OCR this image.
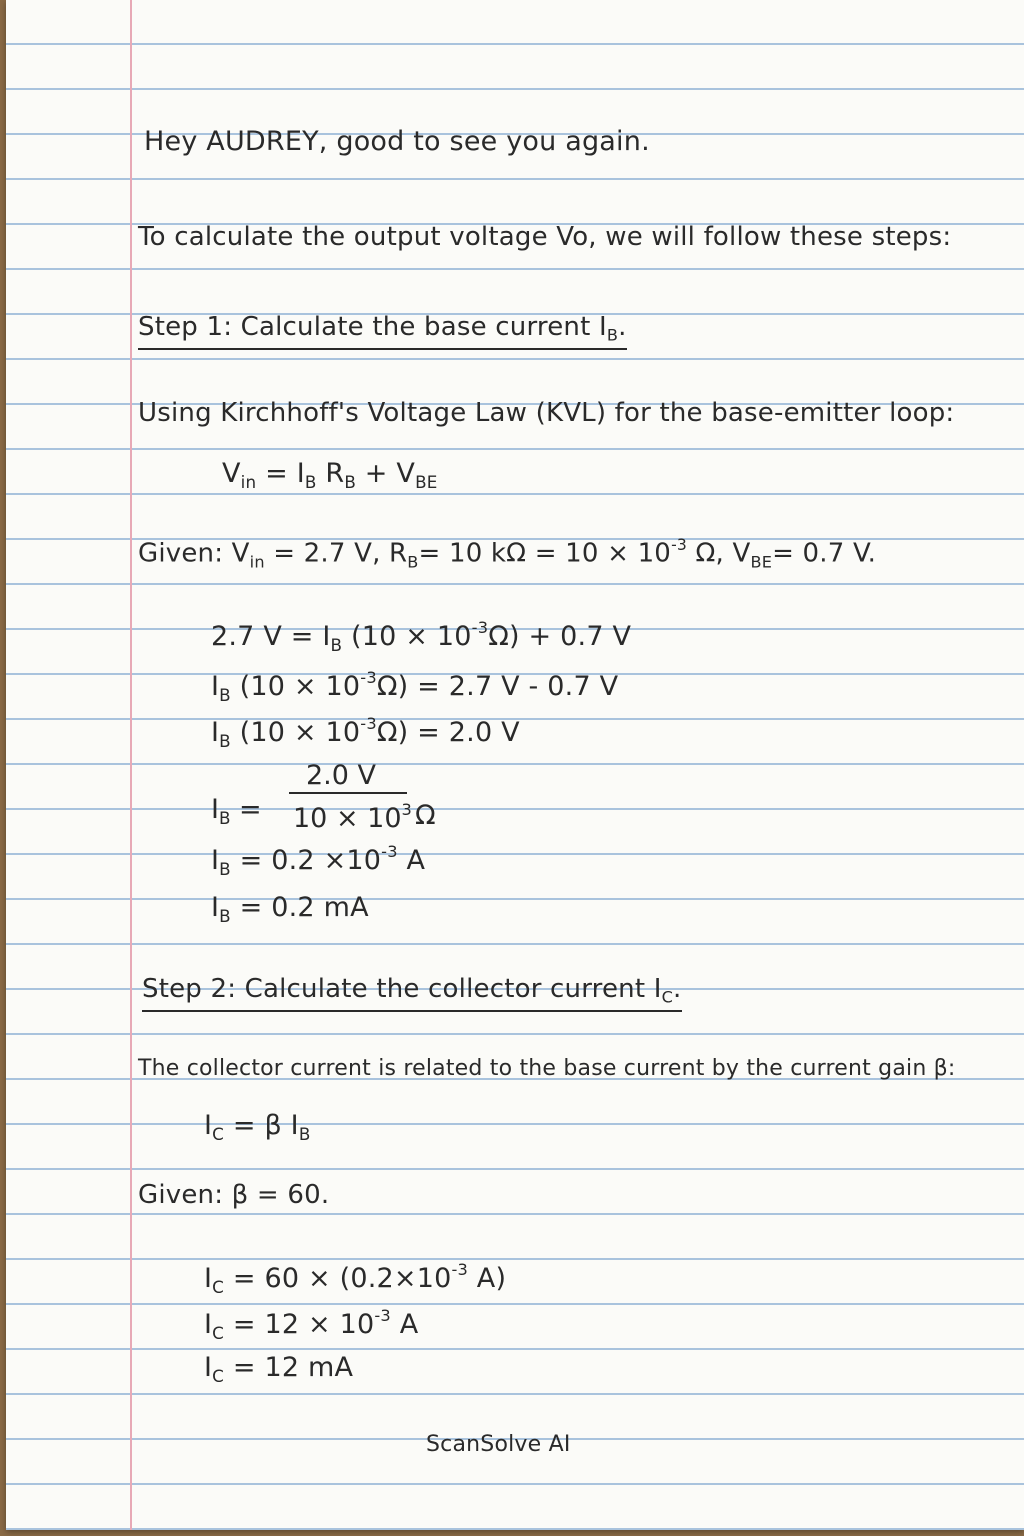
Hey AUDREY, good to see you again.
To calculate the output voltage Vo, we will follow these steps:
Step 1: Calculate the base current $I_B$.
Using Kirchhoff's Voltage Law (KVL) for the base-emitter loop:
$V_{in} = I_B$ $R_B + V_{BE}$
Given: $V_{in} = 2.7$ V, $R_B= 10$ $k\Omega = 10 \times 10^{-3}$ Ω, $V_{BE}= 0.7$ V.
2.7 $V = I_B$ $(10 \times 10^{-3}\Omega) + 0.7$ V
$I_B$ $(10 \times 10^{-3}\Omega) = 2.7$ V - 0.7 V
$I_B$ $(10 \times 10^{-3}\Omega) = 2.0$ V
$I_B$ =
2.0 V
$10 \times 10^3$ Ω
$I_B = 0.2 \times 10^{-3}$ A
$I_B = 0.2$ mA
Step 2: Calculate the collector current $I_C$.
The collector current is related to the base current by the current gain β:
$I_C = \beta$ $I_B$
Given: β = 60.
$I_C = 60 \times (0.2\times 10^{-3}$ A)
$I_C = 12 \times 10^{-3}$ A
$I_C = 12$ mA
ScanSolve AI
